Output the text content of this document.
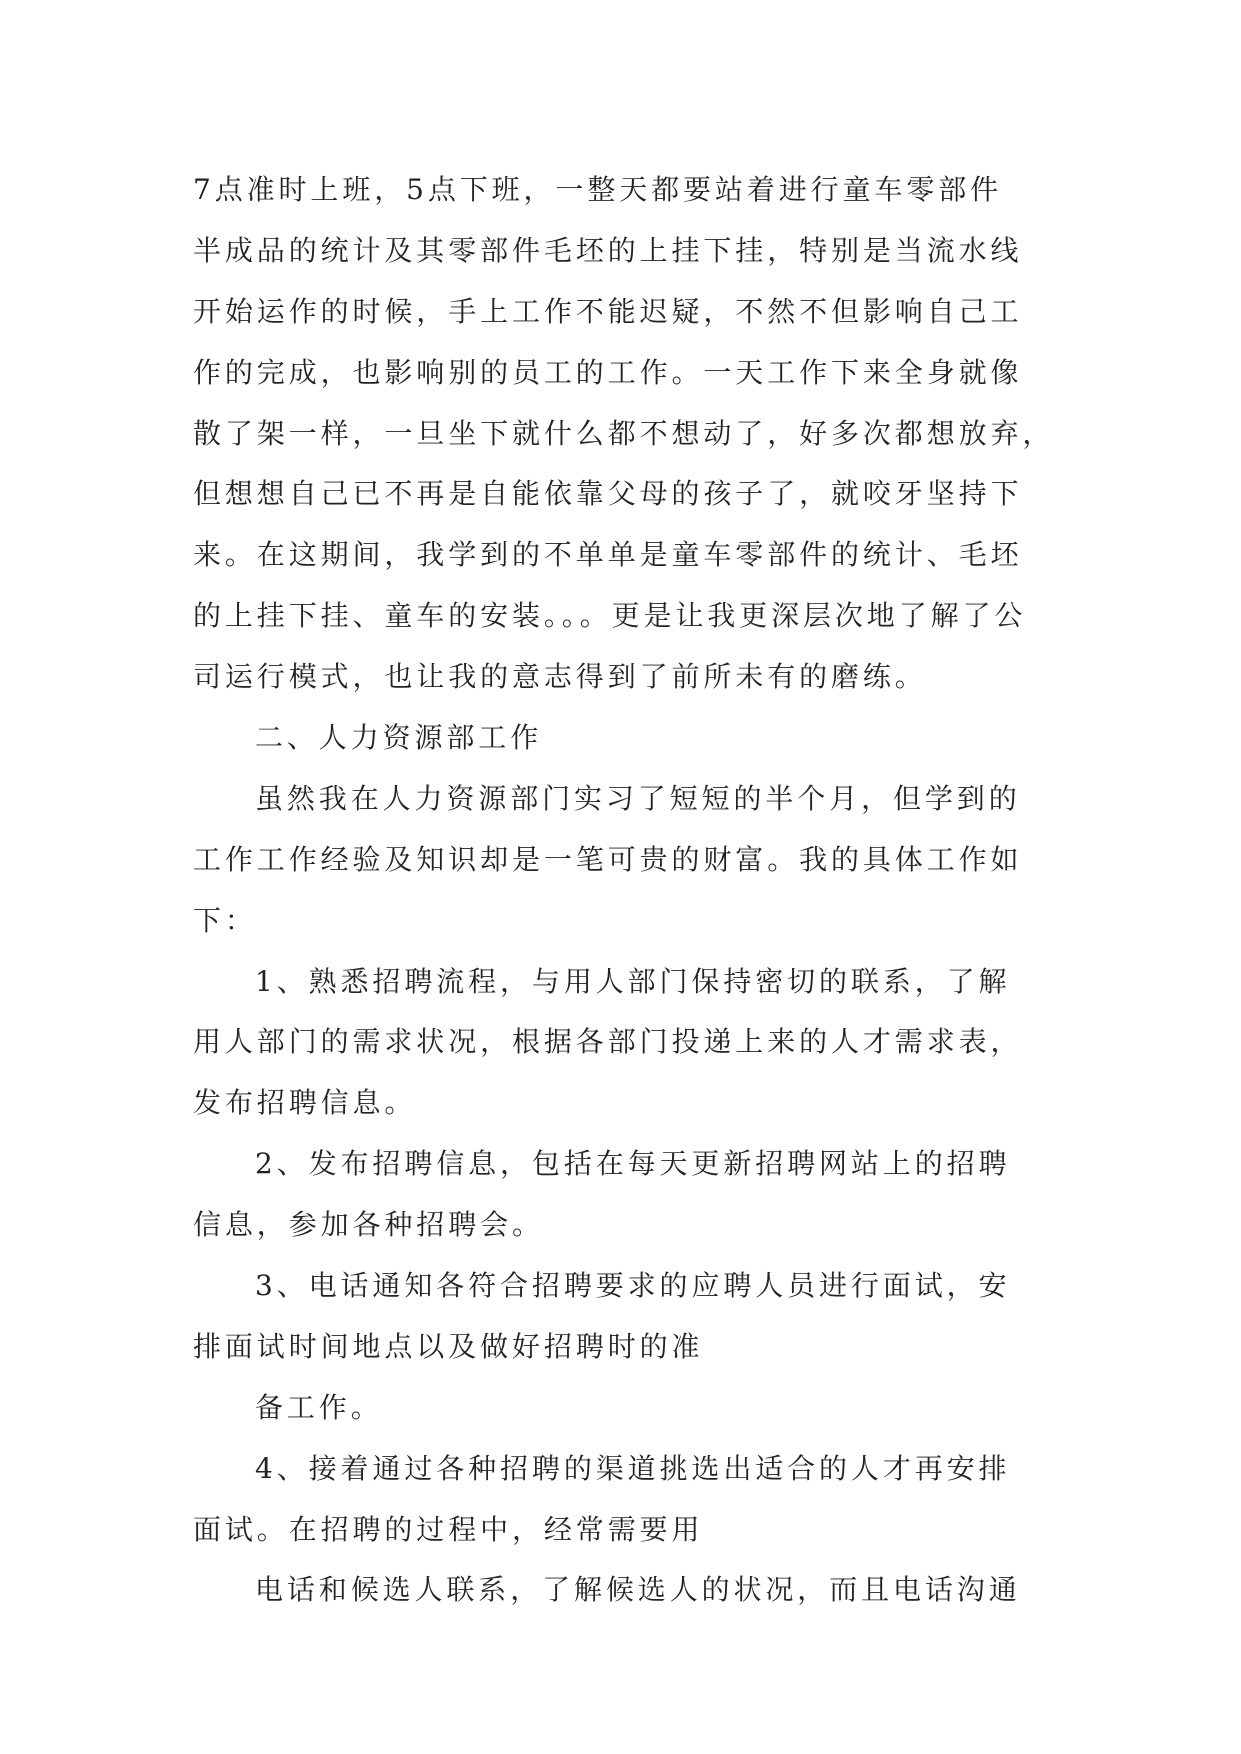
7点准时上班，5点下班，一整天都要站着进行童车零部件
半成品的统计及其零部件毛坯的上挂下挂，特别是当流水线
开始运作的时候，手上工作不能迟疑，不然不但影响自己工
作的完成，也影响别的员工的工作。一天工作下来全身就像
散了架一样，一旦坐下就什么都不想动了，好多次都想放弃，
但想想自己已不再是自能依靠父母的孩子了，就咬牙坚持下
来。在这期间，我学到的不单单是童车零部件的统计、毛坯
的上挂下挂、童车的安装。。。更是让我更深层次地了解了公
司运行模式，也让我的意志得到了前所未有的磨练。
二、人力资源部工作
虽然我在人力资源部门实习了短短的半个月，但学到的
工作工作经验及知识却是一笔可贵的财富。我的具体工作如
下：
1、熟悉招聘流程，与用人部门保持密切的联系，了解
用人部门的需求状况，根据各部门投递上来的人才需求表，
发布招聘信息。
2、发布招聘信息，包括在每天更新招聘网站上的招聘
信息，参加各种招聘会。
3、电话通知各符合招聘要求的应聘人员进行面试，安
排面试时间地点以及做好招聘时的准
备工作。
4、接着通过各种招聘的渠道挑选出适合的人才再安排
面试。在招聘的过程中，经常需要用
电话和候选人联系，了解候选人的状况，而且电话沟通
